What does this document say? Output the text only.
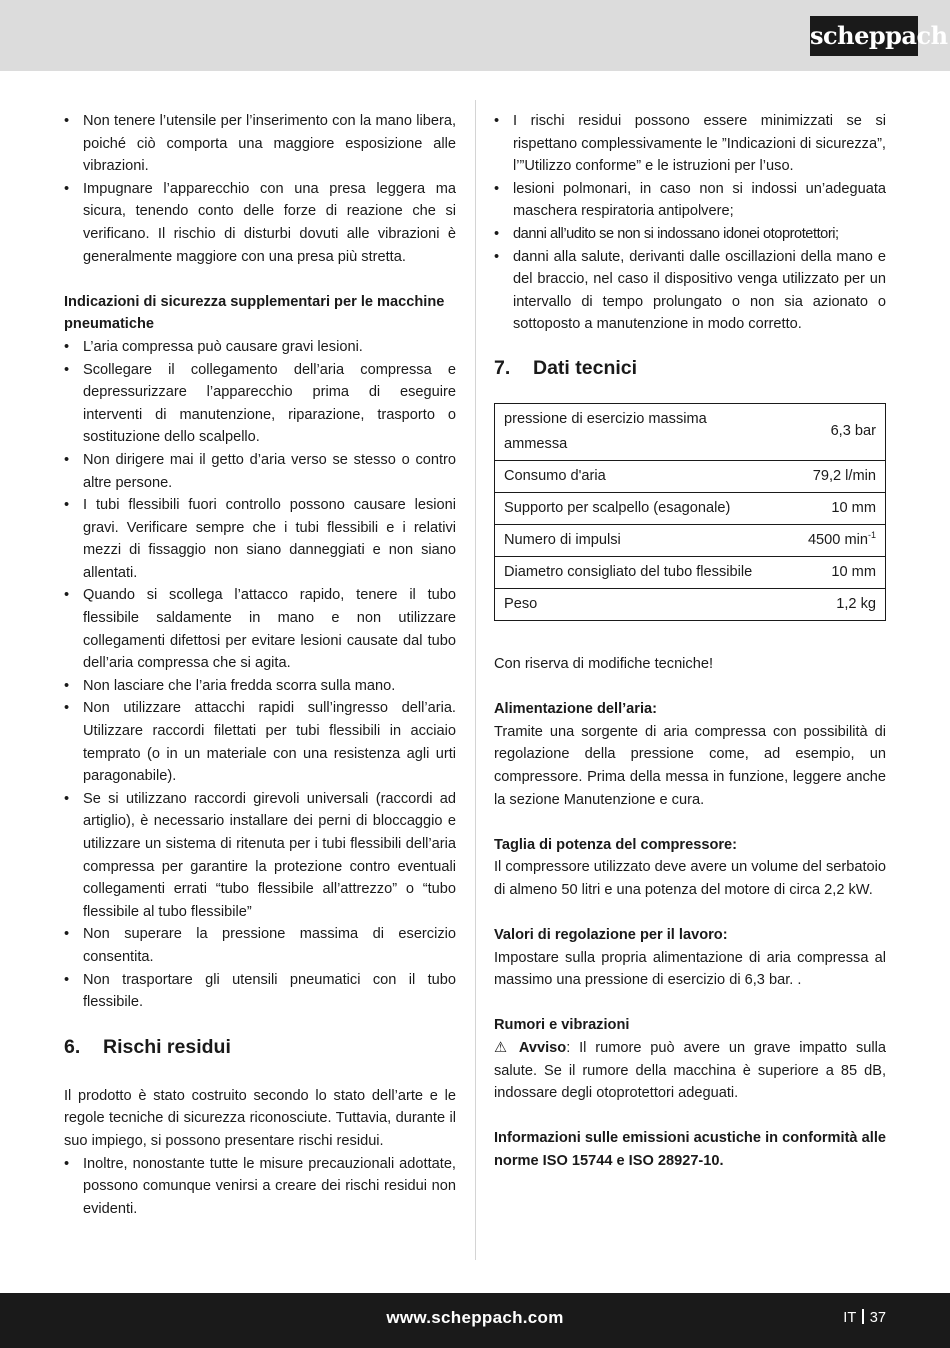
scheppach
• Non tenere l’utensile per l’inserimento con la mano libera, poiché ciò comporta una maggiore esposizione alle vibrazioni.
• Impugnare l’apparecchio con una presa leggera ma sicura, tenendo conto delle forze di reazione che si verificano. Il rischio di disturbi dovuti alle vibrazioni è generalmente maggiore con una presa più stretta.
Indicazioni di sicurezza supplementari per le macchine pneumatiche
• L’aria compressa può causare gravi lesioni.
• Scollegare il collegamento dell’aria compressa e depressurizzare l’apparecchio prima di eseguire interventi di manutenzione, riparazione, trasporto o sostituzione dello scalpello.
• Non dirigere mai il getto d’aria verso se stesso o contro altre persone.
• I tubi flessibili fuori controllo possono causare lesioni gravi. Verificare sempre che i tubi flessibili e i relativi mezzi di fissaggio non siano danneggiati e non siano allentati.
• Quando si scollega l’attacco rapido, tenere il tubo flessibile saldamente in mano e non utilizzare collegamenti difettosi per evitare lesioni causate dal tubo dell’aria compressa che si agita.
• Non lasciare che l’aria fredda scorra sulla mano.
• Non utilizzare attacchi rapidi sull’ingresso dell’aria. Utilizzare raccordi filettati per tubi flessibili in acciaio temprato (o in un materiale con una resistenza agli urti paragonabile).
• Se si utilizzano raccordi girevoli universali (raccordi ad artiglio), è necessario installare dei perni di bloccaggio e utilizzare un sistema di ritenuta per i tubi flessibili dell’aria compressa per garantire la protezione contro eventuali collegamenti errati “tubo flessibile all’attrezzo” o “tubo flessibile al tubo flessibile”
• Non superare la pressione massima di esercizio consentita.
• Non trasportare gli utensili pneumatici con il tubo flessibile.
6.	Rischi residui

Il prodotto è stato costruito secondo lo stato dell’arte e le regole tecniche di sicurezza riconosciute. Tuttavia, durante il suo impiego, si possono presentare rischi residui.

• Inoltre, nonostante tutte le misure precauzionali adottate, possono comunque venirsi a creare dei rischi residui non evidenti.
• I rischi residui possono essere minimizzati se si rispettano complessivamente le ”Indicazioni di sicurezza”, l’”Utilizzo conforme” e le istruzioni per l’uso.
• lesioni polmonari, in caso non si indossi un’adeguata maschera respiratoria antipolvere;
• danni all’udito se non si indossano idonei otoprotettori;
• danni alla salute, derivanti dalle oscillazioni della mano e del braccio, nel caso il dispositivo venga utilizzato per un intervallo di tempo prolungato o non sia azionato o sottoposto a manutenzione in modo corretto.
7.	Dati tecnici
pressione di esercizio massima ammessa	6,3 bar
Consumo d'aria	79,2 l/min
Supporto per scalpello (esagonale)	10 mm
Numero di impulsi	4500 $\min^{-1}$
Diametro consigliato del tubo flessibile	10 mm
Peso	1,2 kg

Con riserva di modifiche tecniche!

Alimentazione dell’aria:

Tramite una sorgente di aria compressa con possibilità di regolazione della pressione come, ad esempio, un compressore. Prima della messa in funzione, leggere anche la sezione Manutenzione e cura.

Taglia di potenza del compressore:

Il compressore utilizzato deve avere un volume del serbatoio di almeno 50 litri e una potenza del motore di circa 2,2 kW.

Valori di regolazione per il lavoro:

Impostare sulla propria alimentazione di aria compressa al massimo una pressione di esercizio di 6,3 bar. .

Rumori e vibrazioni

⚠ Avviso: Il rumore può avere un grave impatto sulla salute. Se il rumore della macchina è superiore a 85 dB, indossare degli otoprotettori adeguati.

Informazioni sulle emissioni acustiche in conformità alle norme ISO 15744 e ISO 28927-10.

www.scheppach.com	IT 37
